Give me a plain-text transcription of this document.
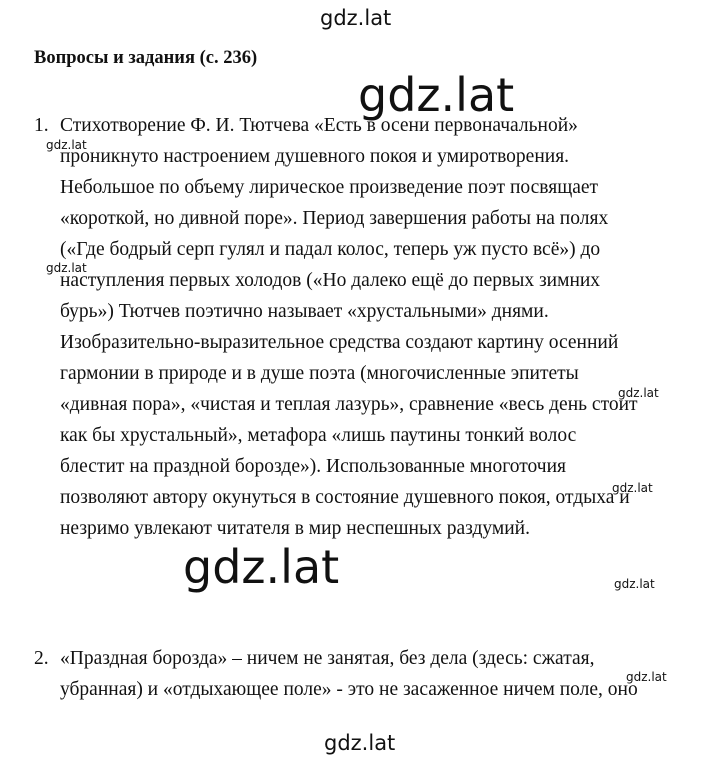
gdz.lat
Вопросы и задания (с. 236)
gdz.lat
1. Стихотворение Ф. И. Тютчева «Есть в осени первоначальной»
проникнуто настроением душевного покоя и умиротворения.
Небольшое по объему лирическое произведение поэт посвящает
«короткой, но дивной поре». Период завершения работы на полях
(«Где бодрый серп гулял и падал колос, теперь уж пусто всё») до
наступления первых холодов («Но далеко ещё до первых зимних
бурь») Тютчев поэтично называет «хрустальными» днями.
Изобразительно-выразительное средства создают картину осенний
гармонии в природе и в душе поэта (многочисленные эпитеты
«дивная пора», «чистая и теплая лазурь», сравнение «весь день стоит
как бы хрустальный», метафора «лишь паутины тонкий волос
блестит на праздной борозде»). Использованные многоточия
позволяют автору окунуться в состояние душевного покоя, отдыха и
незримо увлекают читателя в мир неспешных раздумий.
gdz.lat
gdz.lat
gdz.lat
gdz.lat
gdz.lat	gdz.lat
2. «Праздная борозда» – ничем не занятая, без дела (здесь: сжатая,
убранная) и «отдыхающее поле» - это не засаженное ничем поле, оно
gdz.lat
gdz.lat
